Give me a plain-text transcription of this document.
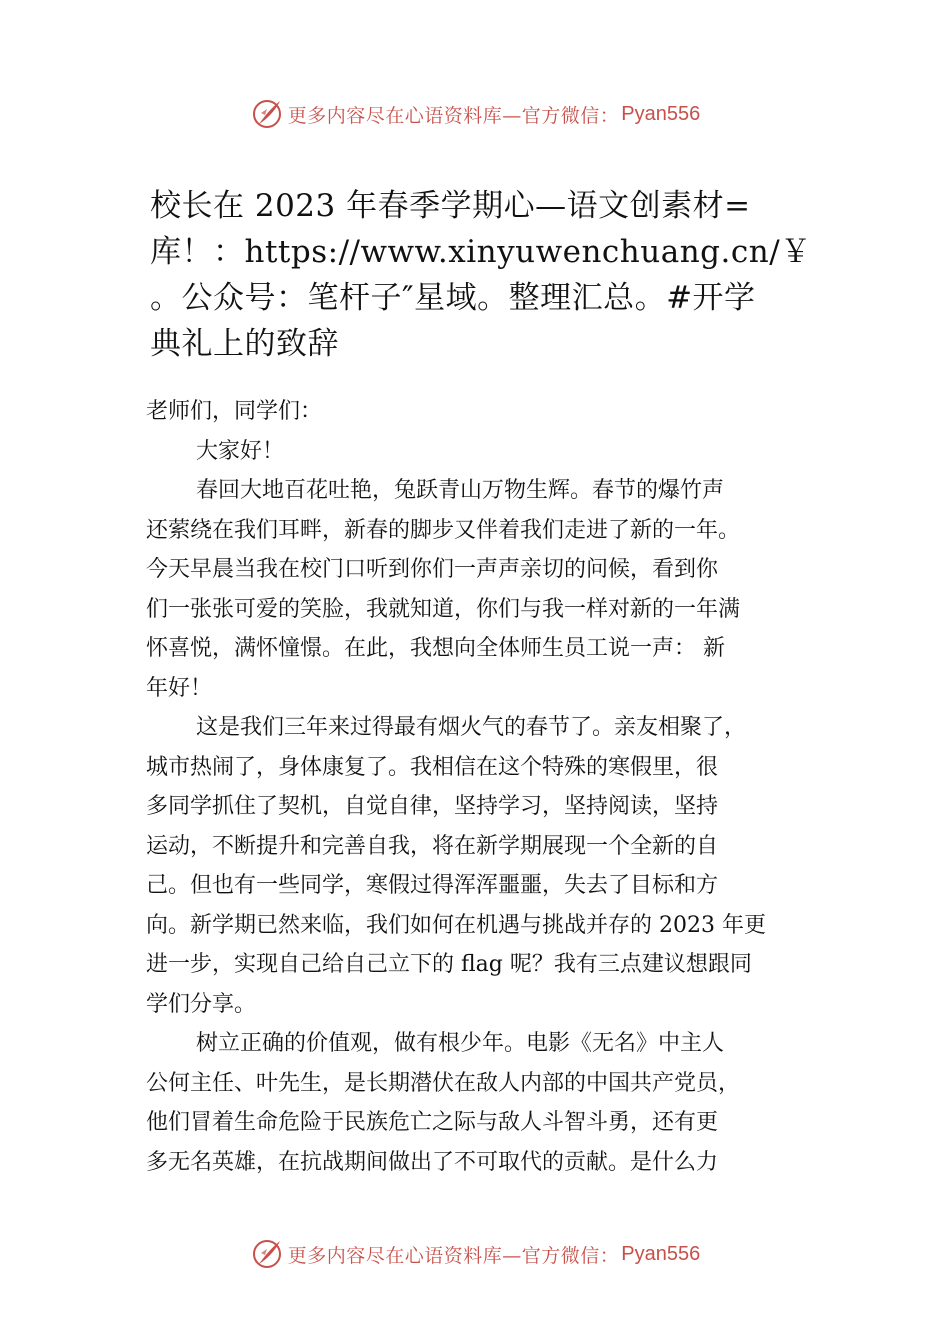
更多内容尽在心语资料库—官方微信： Pyan556
校长在 2023 年春季学期心—语文创素材=
库！：https://www.xinyuwenchuang.cn/￥
。公众号：笔杆子″星域。整理汇总。#开学
典礼上的致辞
老师们，同学们：
大家好！
春回大地百花吐艳，兔跃青山万物生辉。春节的爆竹声
还萦绕在我们耳畔，新春的脚步又伴着我们走进了新的一年。
今天早晨当我在校门口听到你们一声声亲切的问候，看到你
们一张张可爱的笑脸，我就知道，你们与我一样对新的一年满
怀喜悦，满怀憧憬。在此，我想向全体师生员工说一声： 新
年好！
这是我们三年来过得最有烟火气的春节了。亲友相聚了，
城市热闹了，身体康复了。我相信在这个特殊的寒假里，很
多同学抓住了契机，自觉自律，坚持学习，坚持阅读，坚持
运动，不断提升和完善自我，将在新学期展现一个全新的自
己。但也有一些同学，寒假过得浑浑噩噩，失去了目标和方
向。新学期已然来临，我们如何在机遇与挑战并存的 2023 年更
进一步，实现自己给自己立下的 flag 呢？我有三点建议想跟同
学们分享。
树立正确的价值观，做有根少年。电影《无名》中主人
公何主任、叶先生，是长期潜伏在敌人内部的中国共产党员，
他们冒着生命危险于民族危亡之际与敌人斗智斗勇，还有更
多无名英雄，在抗战期间做出了不可取代的贡献。是什么力
更多内容尽在心语资料库—官方微信： Pyan556
